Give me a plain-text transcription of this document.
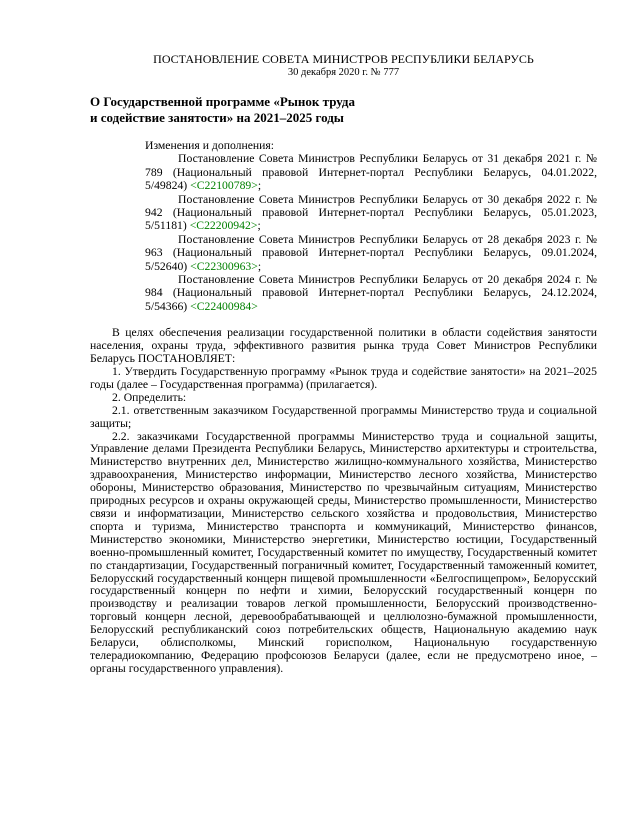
ПОСТАНОВЛЕНИЕ СОВЕТА МИНИСТРОВ РЕСПУБЛИКИ БЕЛАРУСЬ
30 декабря 2020 г. № 777
О Государственной программе «Рынок труда
и содействие занятости» на 2021–2025 годы

Изменения и дополнения:

Постановление Совета Министров Республики Беларусь от 31 декабря 2021 г. № 789 (Национальный правовой Интернет-портал Республики Беларусь, 04.01.2022, 5/49824) <C22100789>;

Постановление Совета Министров Республики Беларусь от 30 декабря 2022 г. № 942 (Национальный правовой Интернет-портал Республики Беларусь, 05.01.2023, 5/51181) <C22200942>;

Постановление Совета Министров Республики Беларусь от 28 декабря 2023 г. № 963 (Национальный правовой Интернет-портал Республики Беларусь, 09.01.2024, 5/52640) <C22300963>;

Постановление Совета Министров Республики Беларусь от 20 декабря 2024 г. № 984 (Национальный правовой Интернет-портал Республики Беларусь, 24.12.2024, 5/54366) <C22400984>

В целях обеспечения реализации государственной политики в области содействия занятости населения, охраны труда, эффективного развития рынка труда Совет Министров Республики Беларусь ПОСТАНОВЛЯЕТ:

1. Утвердить Государственную программу «Рынок труда и содействие занятости» на 2021–2025 годы (далее – Государственная программа) (прилагается).

2. Определить:

2.1. ответственным заказчиком Государственной программы Министерство труда и социальной защиты;

2.2. заказчиками Государственной программы Министерство труда и социальной защиты, Управление делами Президента Республики Беларусь, Министерство архитектуры и строительства, Министерство внутренних дел, Министерство жилищно-коммунального хозяйства, Министерство здравоохранения, Министерство информации, Министерство лесного хозяйства, Министерство обороны, Министерство образования, Министерство по чрезвычайным ситуациям, Министерство природных ресурсов и охраны окружающей среды, Министерство промышленности, Министерство связи и информатизации, Министерство сельского хозяйства и продовольствия, Министерство спорта и туризма, Министерство транспорта и коммуникаций, Министерство финансов, Министерство экономики, Министерство энергетики, Министерство юстиции, Государственный военно-промышленный комитет, Государственный комитет по имуществу, Государственный комитет по стандартизации, Государственный пограничный комитет, Государственный таможенный комитет, Белорусский государственный концерн пищевой промышленности «Белгоспищепром», Белорусский государственный концерн по нефти и химии, Белорусский государственный концерн по производству и реализации товаров легкой промышленности, Белорусский производственно-торговый концерн лесной, деревообрабатывающей и целлюлозно-бумажной промышленности, Белорусский республиканский союз потребительских обществ, Национальную академию наук Беларуси, облисполкомы, Минский горисполком, Национальную государственную телерадиокомпанию, Федерацию профсоюзов Беларуси (далее, если не предусмотрено иное, – органы государственного управления).
